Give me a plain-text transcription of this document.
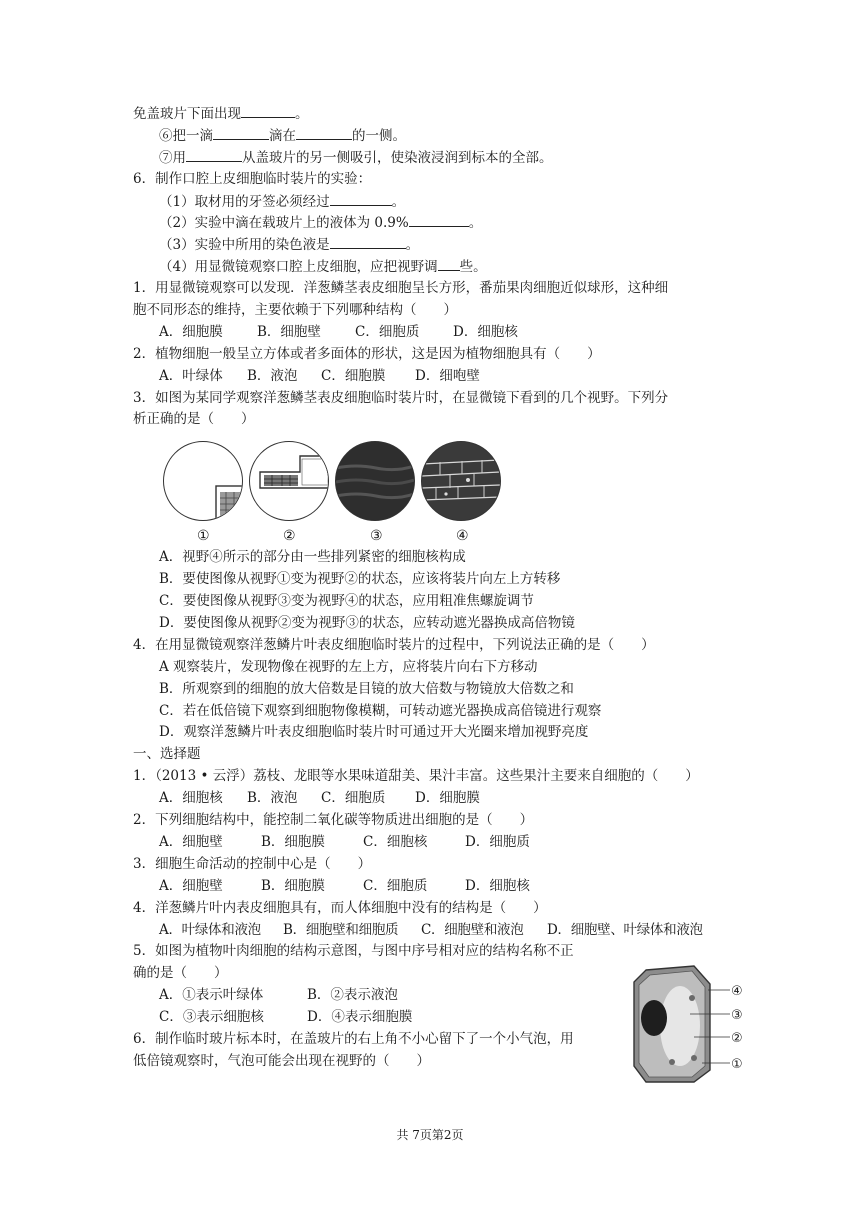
免盖玻片下面出现	。
⑥把一滴	滴在	的一侧。
⑦用	从盖玻片的另一侧吸引，使染液浸润到标本的全部。
6．制作口腔上皮细胞临时装片的实验：
（1）取材用的牙签必须经过	。
（2）实验中滴在载玻片上的液体为 0.9%	。
（3）实验中所用的染色液是	。
（4）用显微镜观察口腔上皮细胞，应把视野调 些。
1．用显微镜观察可以发现．洋葱鳞茎表皮细胞呈长方形，番茄果肉细胞近似球形，这种细
胞不同形态的维持，主要依赖于下列哪种结构（　　）
A．细胞膜	B．细胞壁	C．细胞质 D．细胞核
2．植物细胞一般呈立方体或者多面体的形状，这是因为植物细胞具有（　　）
A．叶绿体 B．液泡 C．细胞膜 D．细咆壁
3．如图为某同学观察洋葱鳞茎表皮细胞临时装片时，在显微镜下看到的几个视野。下列分
析正确的是（　　）
①	②	③	④
A．视野④所示的部分由一些排列紧密的细胞核构成
B．要使图像从视野①变为视野②的状态，应该将装片向左上方转移
C．要使图像从视野③变为视野④的状态，应用粗准焦螺旋调节
D．要使图像从视野②变为视野③的状态，应转动遮光器换成高倍物镜
4．在用显微镜观察洋葱鳞片叶表皮细胞临时装片的过程中，下列说法正确的是（　　）
A 观察装片，发现物像在视野的左上方，应将装片向右下方移动
B．所观察到的细胞的放大倍数是目镜的放大倍数与物镜放大倍数之和
C．若在低倍镜下观察到细胞物像模糊，可转动遮光器换成高倍镜进行观察
D．观察洋葱鳞片叶表皮细胞临时装片时可通过开大光圈来增加视野亮度
一、选择题
1．（2013 • 云浮）荔枝、龙眼等水果味道甜美、果汁丰富。这些果汁主要来自细胞的（　　）
A．细胞核 B．液泡 C．细胞质 D．细胞膜
2．下列细胞结构中，能控制二氧化碳等物质进出细胞的是（　　）
A．细胞壁	B．细胞膜	C．细胞核	D．细胞质
3．细胞生命活动的控制中心是（　　）
A．细胞壁	B．细胞膜	C．细胞质	D．细胞核
4．洋葱鳞片叶内表皮细胞具有，而人体细胞中没有的结构是（　　）
A．叶绿体和液泡 B．细胞壁和细胞质 C．细胞壁和液泡 D．细胞壁、叶绿体和液泡
5．如图为植物叶肉细胞的结构示意图，与图中序号相对应的结构名称不正
确的是（　　）
A．①表示叶绿体	B．②表示液泡
C．③表示细胞核	D．④表示细胞膜
6．制作临时玻片标本时，在盖玻片的右上角不小心留下了一个小气泡，用
低倍镜观察时，气泡可能会出现在视野的（　　）
④
③
②
①
共 7页第2页
